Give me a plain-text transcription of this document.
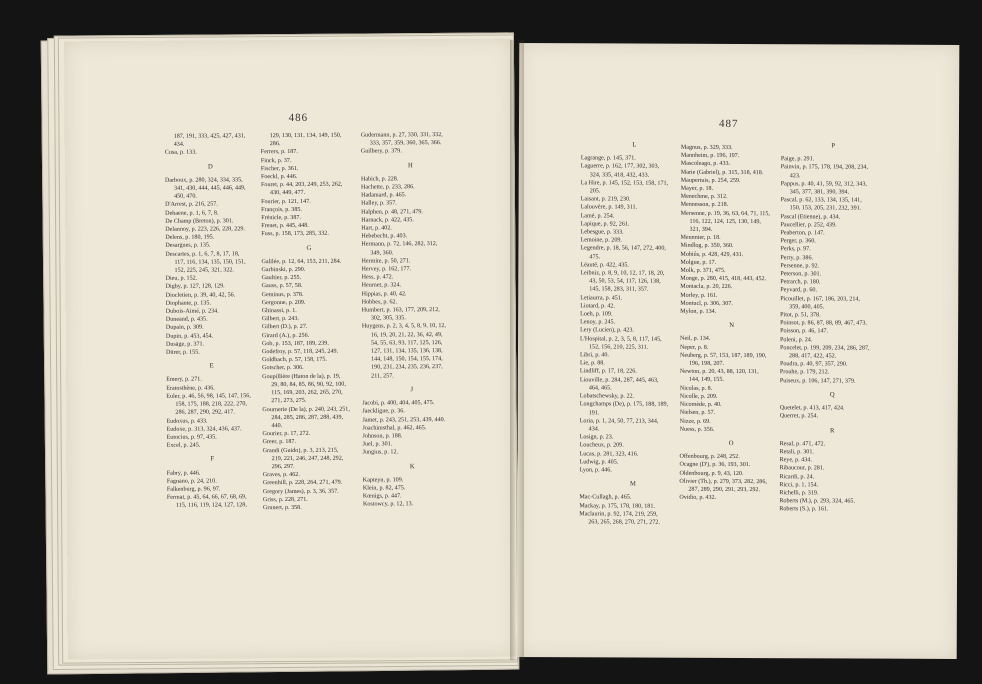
486
187, 191, 333, 425, 427, 431,
434.
Cusa, p. 133.
D
Darboux, p. 280, 324, 334, 335,
341, 430, 444, 445, 446, 449,
450, 470.
D'Arrest, p. 216, 257.
Dehaene, p. 1, 6, 7, 8.
De Champ (Breton), p. 301.
Delannoy, p. 223, 226, 228, 229.
Delens, p. 180, 195.
Desargues, p. 135.
Descartes, p. 1, 6, 7, 8, 17, 18,
117, 116, 134, 135, 150, 151,
152, 225, 245, 321, 322.
Dieu, p. 152.
Digby, p. 127, 128, 129.
Diocletien, p. 39, 40, 42, 56.
Diophante, p. 135.
Dubois-Aimé, p. 234.
Duneand, p. 435.
Dupain, p. 309.
Dupin, p. 453, 454.
Dusäge, p. 371.
Dürer, p. 155.
E
Emery, p. 271.
Eratosthène, p. 436.
Euler, p. 46, 56, 98, 145, 147, 156,
158, 175, 188, 218, 222, 270,
286, 287, 290, 292, 417.
Eudoxus, p. 433.
Eudoxe, p. 313, 324, 436, 437.
Eutocius, p. 97, 435.
Excel, p. 245.
F
Fabry, p. 446.
Fagnano, p. 24, 210.
Falkenburg, p. 96, 97.
Fermat, p. 45, 64, 66, 67, 68, 69,
115, 116, 119, 124, 127, 128,
129, 130, 131, 134, 149, 150,
286.
Ferrers, p. 187.
Finck, p. 37.
Fischer, p. 361.
Foeckl, p. 446.
Fouret, p. 44, 203, 249, 253, 262,
430, 449, 477.
Fourier, p. 121, 147.
François, p. 385.
Frénicle, p. 387.
Frenet, p. 445, 448.
Fuss, p. 158, 173, 285, 332.
G
Galilée, p. 12, 64, 153, 211, 284.
Garbinski, p. 290.
Gaultier, p. 255.
Gauss, p. 57, 58.
Geminus, p. 378.
Gergonne, p. 209.
Ghinassi, p. 1.
Gilbert, p. 243.
Gilbert (D.), p. 27.
Girard (A.), p. 256.
Gob, p. 153, 187, 189, 239.
Godefroy, p. 57, 118, 245, 249.
Goldbach, p. 57, 158, 175.
Gotscher, p. 306.
Goupillière (Haton de la), p. 19,
29, 80, 84, 85, 86, 90, 92, 100,
115, 169, 203, 262, 265, 270,
271, 273, 275.
Gournerie (De la), p. 240, 243, 251,
284, 285, 286, 287, 288, 439,
440.
Gourier, p. 17, 272.
Greer, p. 187.
Grandi (Guido), p. 3, 213, 215,
219, 221, 246, 247, 248, 292,
296, 297.
Graves, p. 462.
Greenhill, p. 228, 264, 271, 479.
Gregory (James), p. 3, 36, 357.
Griss, p. 228, 271.
Grunert, p. 358.
Gudermann, p. 27, 330, 331, 332,
333, 357, 359, 360, 365, 366.
Guilbery, p. 379.
H
Habich, p. 228.
Hachette, p. 233, 286.
Hadamard, p. 465.
Halley, p. 357.
Halphen, p. 48, 271, 479.
Harnack, p. 422, 435.
Hart, p. 402.
Hebebecht, p. 403.
Hermann, p. 72, 146, 282, 312,
349, 360.
Hermite, p. 50, 271.
Hervey, p. 162, 177.
Hess, p. 472.
Heurnet, p. 324.
Hippias, p. 40, 42.
Hobbes, p. 62.
Humbert, p. 163, 177, 209, 212,
302, 305, 335.
Huygens, p. 2, 3, 4, 5, 8, 9, 10, 12,
16, 19, 20, 21, 22, 36, 42, 49,
54, 55, 63, 93, 117, 125, 126,
127, 131, 134, 135, 136, 138,
144, 148, 150, 154, 155, 174,
190, 231, 234, 235, 236, 237,
211, 257.
J
Jacobi, p. 400, 404, 405, 475.
Jaeckligue, p. 36.
Jamet, p. 243, 251, 253, 439, 440.
Joachimsthal, p. 462, 465.
Johnson, p. 188.
Juel, p. 301.
Jungius, p. 12.
K
Kapteyn, p. 109.
Klein, p. 82, 475.
Kœnigs, p. 447.
Kostowcy, p. 12, 13.
487
L
Lagrange, p. 145, 371.
Laguerre, p. 162, 177, 302, 303,
324, 335, 418, 432, 433.
La Hire, p. 145, 152, 153, 158, 171,
205.
Laisant, p. 219, 230.
Lalouvère, p. 149, 311.
Lamé, p. 254.
Lapique, p. 92, 261.
Lebesgue, p. 333.
Lemoine, p. 209.
Legendre, p. 18, 56, 147, 272, 400,
475.
Léauté, p. 422, 435.
Leibniz, p. 8, 9, 10, 12, 17, 18, 20,
43, 50, 53, 54, 117, 126, 138,
145, 158, 283, 311, 357.
Letiaurra, p. 451.
Liotard, p. 42.
Loeh, p. 109.
Lenoy, p. 245.
Lery (Lucien), p. 423.
L'Hospital, p. 2, 3, 5, 8, 117, 145,
152, 156, 210, 225, 311.
Libri, p. 40.
Lie, p. 88.
Lindliff, p. 17, 18, 226.
Liouville, p. 284, 287, 445, 463,
464, 465.
Lobatschewsky, p. 22.
Longchamps (De), p. 175, 188, 189,
191.
Loria, p. 1, 24, 50, 77, 213, 344,
434.
Losign, p. 23.
Loucheux, p. 209.
Lucas, p. 281, 323, 416.
Ludwig, p. 405.
Lyon, p. 446.
M
Mac-Cullagh, p. 465.
Mackay, p. 175, 178, 180, 181.
Maclaurin, p. 92, 174, 219, 259,
263, 265, 268, 270, 271, 272.
Magnus, p. 329, 333.
Mannheim, p. 196, 197.
Mascoleago, p. 433.
Marie (Gabriel), p. 315, 318, 418.
Maupertuis, p. 254, 259.
Mayer, p. 18.
Menechme, p. 312.
Mennesson, p. 218.
Mersenne, p. 19, 36, 63, 64, 71, 115,
116, 122, 124, 125, 130, 149,
321, 394.
Meunnier, p. 18.
Mindlog, p. 350, 360.
Mobiûs, p. 428, 429, 431.
Molgue, p. 17.
Molk, p. 371, 475.
Monge, p. 280, 415, 418, 443, 452.
Montacla, p. 20, 226.
Morley, p. 161.
Montucl, p. 306, 307.
Mylon, p. 134.
N
Neil, p. 134.
Neper, p. 8.
Neuberg, p. 57, 153, 187, 189, 190,
196, 198, 207.
Newton, p. 20, 43, 88, 120, 131,
144, 149, 155.
Nicolas, p. 8.
Nicolle, p. 209.
Nicomède, p. 40.
Nielsen, p. 57.
Nizze, p. 69.
Nuess, p. 356.
O
Offenbourg, p. 248, 252.
Ocagne (D'), p. 36, 193, 301.
Oldenbourg, p. 9, 43, 120.
Olivier (Th.), p. 279, 373, 282, 286,
287, 289, 290, 291, 293, 292.
Ovidio, p. 432.
P
Paige, p. 291.
Painvin, p. 175, 178, 194, 208, 234,
423.
Pappus, p. 40, 41, 59, 92, 312, 343,
345, 377, 381, 390, 394.
Pascal, p. 62, 133, 134, 135, 141,
150, 153, 205, 231, 232, 391.
Pascal (Etienne), p. 434.
Paucellier, p. 252, 439.
Peaberton, p. 147.
Perger, p. 360.
Perks, p. 97.
Perry, p. 386.
Persenne, p. 92.
Peterson, p. 301.
Petrarch, p. 180.
Peyvard, p. 60.
Picouillet, p. 167, 186, 203, 214,
359, 400, 405.
Pitot, p. 51, 378.
Poinsot, p. 86, 87, 88, 89, 467, 473.
Poisson, p. 46, 147.
Poleni, p. 24.
Poncelet, p. 199, 209, 234, 286, 287,
288, 417, 422, 452.
Poudra, p. 40, 97, 357, 290.
Prouhe, p. 179, 212.
Puiseux, p. 106, 147, 271, 379.
Q
Quetelet, p. 413, 417, 424.
Querret, p. 254.
R
Resal, p. 471, 472.
Retali, p. 301.
Reye, p. 434.
Ribaucour, p. 281.
Ricardi, p. 24.
Ricci, p. 1, 154.
Richelli, p. 319.
Roberts (M.), p. 293, 324, 465.
Roberts (S.), p. 161.
